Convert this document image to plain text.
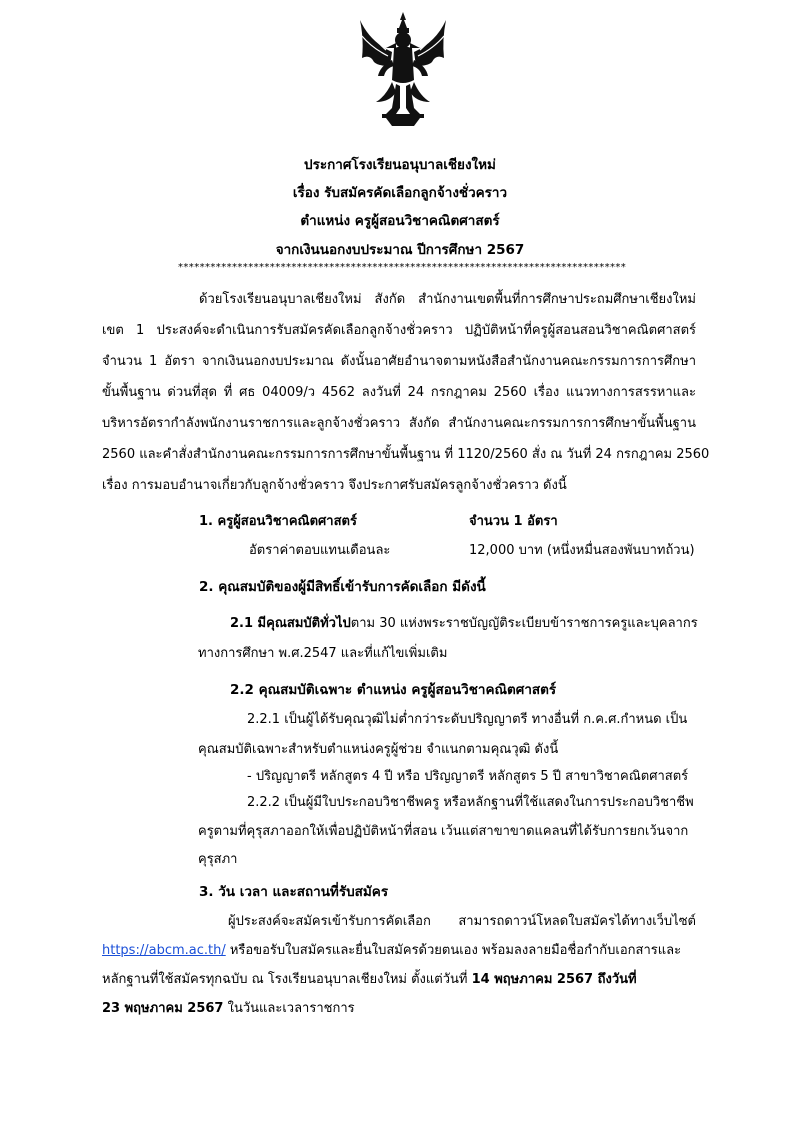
ประกาศโรงเรียนอนุบาลเชียงใหม่
เรื่อง รับสมัครคัดเลือกลูกจ้างชั่วคราว
ตำแหน่ง ครูผู้สอนวิชาคณิตศาสตร์
จากเงินนอกงบประมาณ ปีการศึกษา 2567
***********************************************************************************
ด้วยโรงเรียนอนุบาลเชียงใหม่ สังกัด สำนักงานเขตพื้นที่การศึกษาประถมศึกษาเชียงใหม่
เขต 1 ประสงค์จะดำเนินการรับสมัครคัดเลือกลูกจ้างชั่วคราว ปฏิบัติหน้าที่ครูผู้สอนสอนวิชาคณิตศาสตร์
จำนวน 1 อัตรา จากเงินนอกงบประมาณ ดังนั้นอาศัยอำนาจตามหนังสือสำนักงานคณะกรรมการการศึกษา
ขั้นพื้นฐาน ด่วนที่สุด ที่ ศธ 04009/ว 4562 ลงวันที่ 24 กรกฎาคม 2560 เรื่อง แนวทางการสรรหาและ
บริหารอัตรากำลังพนักงานราชการและลูกจ้างชั่วคราว สังกัด สำนักงานคณะกรรมการการศึกษาขั้นพื้นฐาน
2560 และคำสั่งสำนักงานคณะกรรมการการศึกษาขั้นพื้นฐาน ที่ 1120/2560 สั่ง ณ วันที่ 24 กรกฎาคม 2560
เรื่อง การมอบอำนาจเกี่ยวกับลูกจ้างชั่วคราว จึงประกาศรับสมัครลูกจ้างชั่วคราว ดังนี้
1. ครูผู้สอนวิชาคณิตศาสตร์	จำนวน 1 อัตรา
อัตราค่าตอบแทนเดือนละ	12,000 บาท (หนึ่งหมื่นสองพันบาทถ้วน)
2. คุณสมบัติของผู้มีสิทธิ์เข้ารับการคัดเลือก มีดังนี้
2.1 มีคุณสมบัติทั่วไปตาม 30 แห่งพระราชบัญญัติระเบียบข้าราชการครูและบุคลากร
ทางการศึกษา พ.ศ.2547 และที่แก้ไขเพิ่มเติม
2.2 คุณสมบัติเฉพาะ ตำแหน่ง ครูผู้สอนวิชาคณิตศาสตร์
2.2.1 เป็นผู้ได้รับคุณวุฒิไม่ต่ำกว่าระดับปริญญาตรี ทางอื่นที่ ก.ค.ศ.กำหนด เป็น
คุณสมบัติเฉพาะสำหรับตำแหน่งครูผู้ช่วย จำแนกตามคุณวุฒิ ดังนี้
- ปริญญาตรี หลักสูตร 4 ปี หรือ ปริญญาตรี หลักสูตร 5 ปี สาขาวิชาคณิตศาสตร์
2.2.2 เป็นผู้มีใบประกอบวิชาชีพครู หรือหลักฐานที่ใช้แสดงในการประกอบวิชาชีพ
ครูตามที่คุรุสภาออกให้เพื่อปฏิบัติหน้าที่สอน เว้นแต่สาขาขาดแคลนที่ได้รับการยกเว้นจาก
คุรุสภา
3. วัน เวลา และสถานที่รับสมัคร
ผู้ประสงค์จะสมัครเข้ารับการคัดเลือก สามารถดาวน์โหลดใบสมัครได้ทางเว็บไซต์
https://abcm.ac.th/ หรือขอรับใบสมัครและยื่นใบสมัครด้วยตนเอง พร้อมลงลายมือชื่อกำกับเอกสารและ
หลักฐานที่ใช้สมัครทุกฉบับ ณ โรงเรียนอนุบาลเชียงใหม่ ตั้งแต่วันที่ 14 พฤษภาคม 2567 ถึงวันที่
23 พฤษภาคม 2567 ในวันและเวลาราชการ
